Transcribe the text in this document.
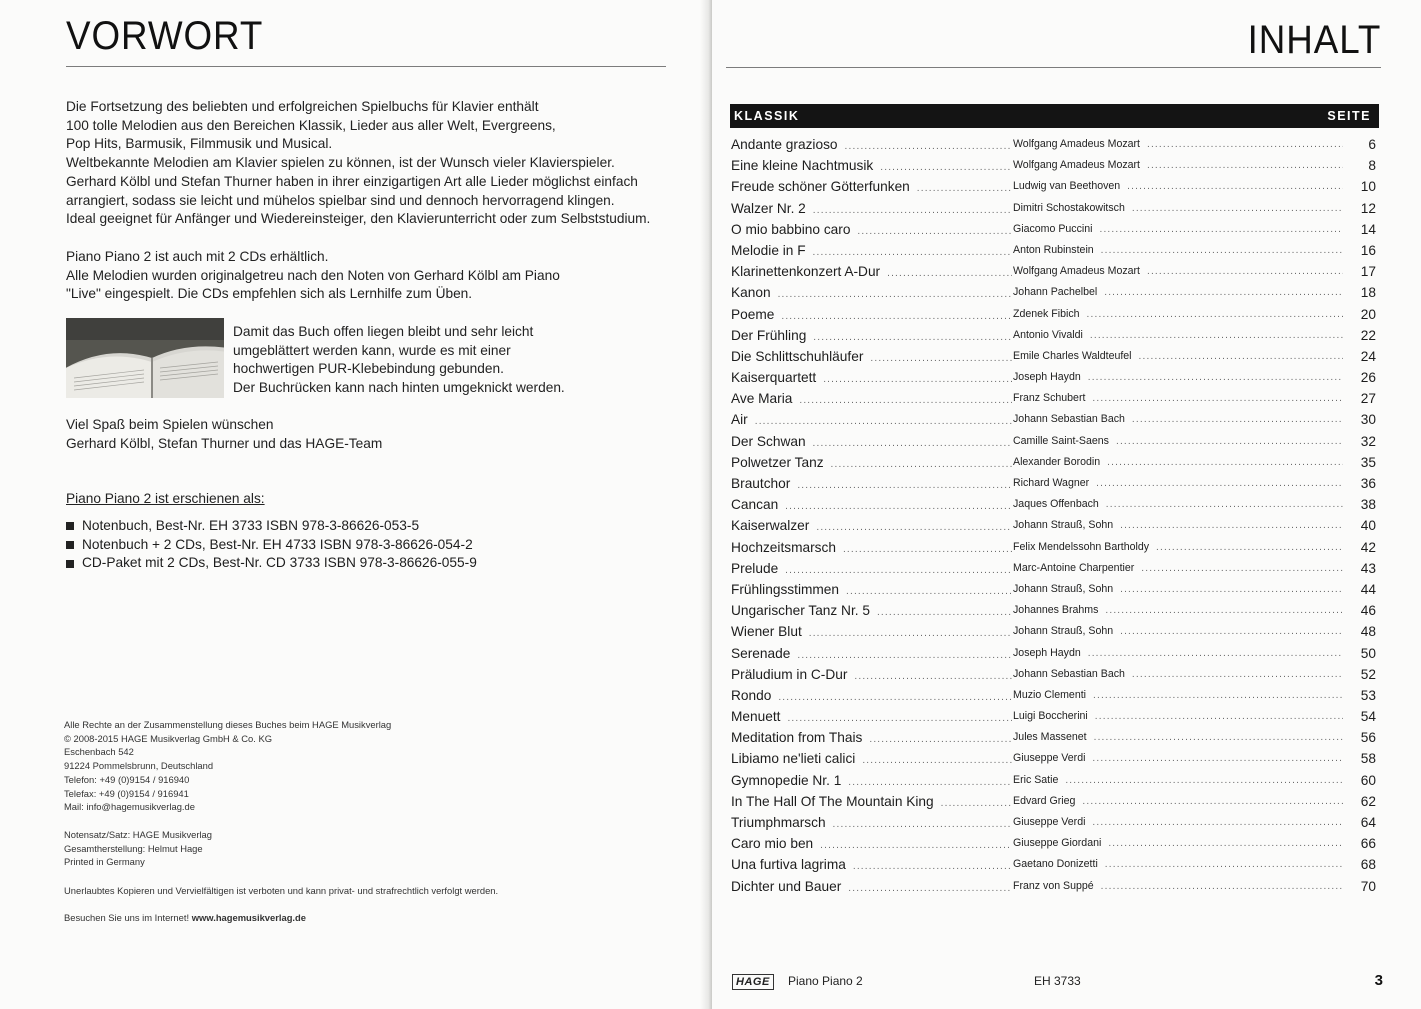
VORWORT

Die Fortsetzung des beliebten und erfolgreichen Spielbuchs für Klavier enthält

100 tolle Melodien aus den Bereichen Klassik, Lieder aus aller Welt, Evergreens,

Pop Hits, Barmusik, Filmmusik und Musical.

Weltbekannte Melodien am Klavier spielen zu können, ist der Wunsch vieler Klavierspieler.

Gerhard Kölbl und Stefan Thurner haben in ihrer einzigartigen Art alle Lieder möglichst einfach

arrangiert, sodass sie leicht und mühelos spielbar sind und dennoch hervorragend klingen.

Ideal geeignet für Anfänger und Wiedereinsteiger, den Klavierunterricht oder zum Selbststudium.

Piano Piano 2 ist auch mit 2 CDs erhältlich.

Alle Melodien wurden originalgetreu nach den Noten von Gerhard Kölbl am Piano

"Live" eingespielt. Die CDs empfehlen sich als Lernhilfe zum Üben.

Damit das Buch offen liegen bleibt und sehr leicht

umgeblättert werden kann, wurde es mit einer

hochwertigen PUR-Klebebindung gebunden.

Der Buchrücken kann nach hinten umgeknickt werden.

Viel Spaß beim Spielen wünschen

Gerhard Kölbl, Stefan Thurner und das HAGE-Team

Piano Piano 2 ist erschienen als:

Notenbuch, Best-Nr. EH 3733 ISBN 978-3-86626-053-5
Notenbuch + 2 CDs, Best-Nr. EH 4733 ISBN 978-3-86626-054-2
CD-Paket mit 2 CDs, Best-Nr. CD 3733 ISBN 978-3-86626-055-9

Alle Rechte an der Zusammenstellung dieses Buches beim HAGE Musikverlag

© 2008-2015 HAGE Musikverlag GmbH & Co. KG

Eschenbach 542

91224 Pommelsbrunn, Deutschland

Telefon: +49 (0)9154 / 916940

Telefax: +49 (0)9154 / 916941

Mail: info@hagemusikverlag.de

Notensatz/Satz: HAGE Musikverlag

Gesamtherstellung: Helmut Hage

Printed in Germany

Unerlaubtes Kopieren und Vervielfältigen ist verboten und kann privat- und strafrechtlich verfolgt werden.
Besuchen Sie uns im Internet! www.hagemusikverlag.de
INHALT
KLASSIK	SEITE
Andante grazioso .....	Wolfgang Amadeus Mozart .....	6
Eine kleine Nachtmusik .....	Wolfgang Amadeus Mozart .....	8
Freude schöner Götterfunken .....	Ludwig van Beethoven .....	10
Walzer Nr. 2 .....	Dimitri Schostakowitsch .....	12
O mio babbino caro .....	Giacomo Puccini .....	14
Melodie in F .....	Anton Rubinstein .....	16
Klarinettenkonzert A-Dur .....	Wolfgang Amadeus Mozart .....	17
Kanon .....	Johann Pachelbel .....	18
Poeme .....	Zdenek Fibich .....	20
Der Frühling .....	Antonio Vivaldi .....	22
Die Schlittschuhläufer .....	Emile Charles Waldteufel .....	24
Kaiserquartett .....	Joseph Haydn .....	26
Ave Maria .....	Franz Schubert .....	27
Air .....	Johann Sebastian Bach .....	30
Der Schwan .....	Camille Saint-Saens .....	32
Polwetzer Tanz .....	Alexander Borodin .....	35
Brautchor .....	Richard Wagner .....	36
Cancan .....	Jaques Offenbach .....	38
Kaiserwalzer .....	Johann Strauß, Sohn .....	40
Hochzeitsmarsch .....	Felix Mendelssohn Bartholdy .....	42
Prelude .....	Marc-Antoine Charpentier .....	43
Frühlingsstimmen .....	Johann Strauß, Sohn .....	44
Ungarischer Tanz Nr. 5 .....	Johannes Brahms .....	46
Wiener Blut .....	Johann Strauß, Sohn .....	48
Serenade .....	Joseph Haydn .....	50
Präludium in C-Dur .....	Johann Sebastian Bach .....	52
Rondo .....	Muzio Clementi .....	53
Menuett .....	Luigi Boccherini .....	54
Meditation from Thais .....	Jules Massenet .....	56
Libiamo ne'lieti calici .....	Giuseppe Verdi .....	58
Gymnopedie Nr. 1 .....	Eric Satie .....	60
In The Hall Of The Mountain King .....	Edvard Grieg .....	62
Triumphmarsch .....	Giuseppe Verdi .....	64
Caro mio ben .....	Giuseppe Giordani .....	66
Una furtiva lagrima .....	Gaetano Donizetti .....	68
Dichter und Bauer .....	Franz von Suppé .....	70
HAGE	Piano Piano 2	EH 3733	3
